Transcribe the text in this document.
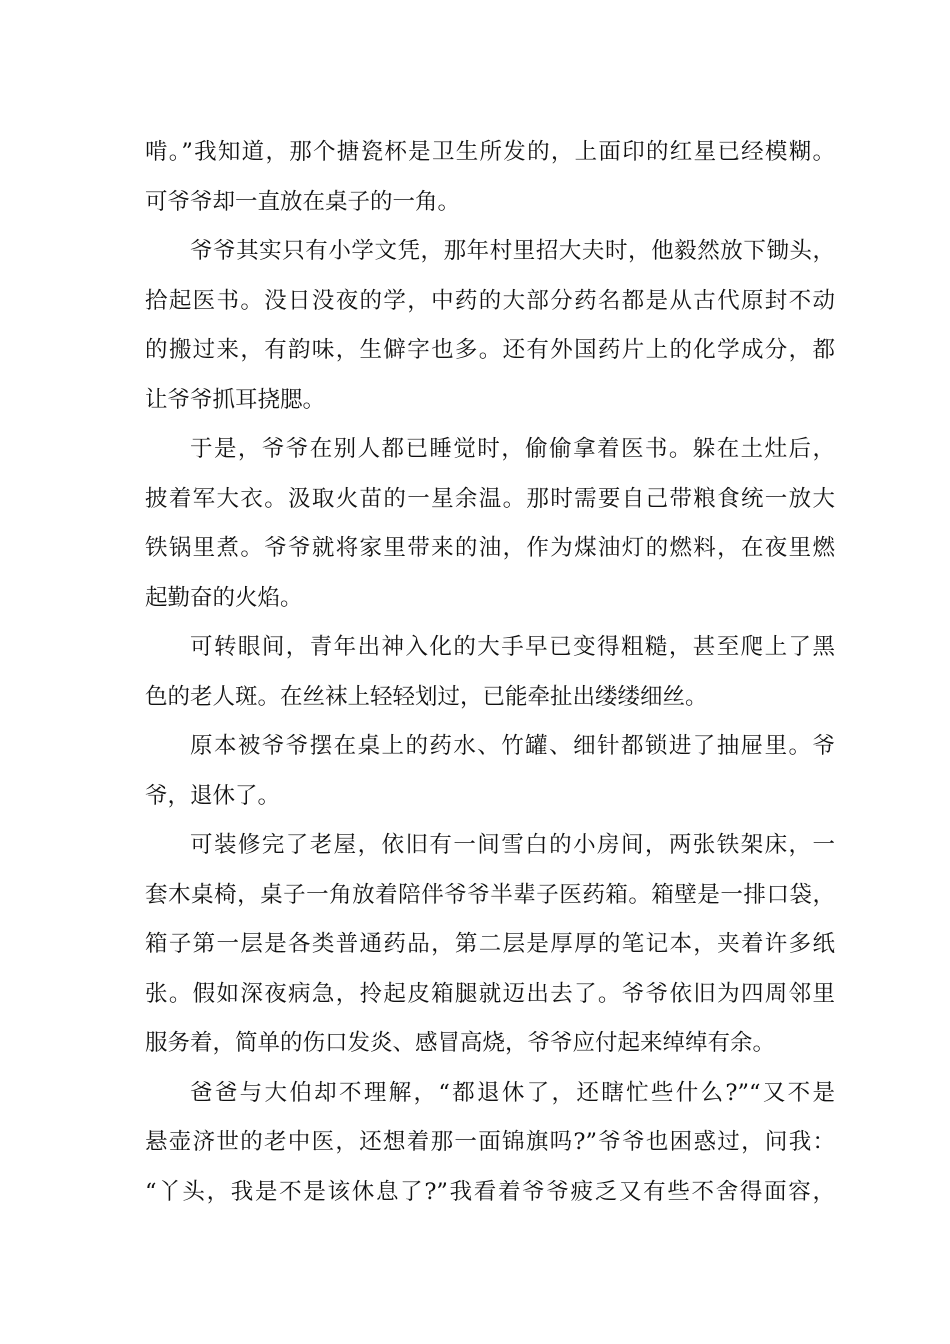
啃。”我知道，那个搪瓷杯是卫生所发的，上面印的红星已经模糊。
可爷爷却一直放在桌子的一角。
爷爷其实只有小学文凭，那年村里招大夫时，他毅然放下锄头，
拾起医书。没日没夜的学，中药的大部分药名都是从古代原封不动
的搬过来，有韵味，生僻字也多。还有外国药片上的化学成分，都
让爷爷抓耳挠腮。
于是，爷爷在别人都已睡觉时，偷偷拿着医书。躲在土灶后，
披着军大衣。汲取火苗的一星余温。那时需要自己带粮食统一放大
铁锅里煮。爷爷就将家里带来的油，作为煤油灯的燃料，在夜里燃
起勤奋的火焰。
可转眼间，青年出神入化的大手早已变得粗糙，甚至爬上了黑
色的老人斑。在丝袜上轻轻划过，已能牵扯出缕缕细丝。
原本被爷爷摆在桌上的药水、竹罐、细针都锁进了抽屉里。爷
爷，退休了。
可装修完了老屋，依旧有一间雪白的小房间，两张铁架床，一
套木桌椅，桌子一角放着陪伴爷爷半辈子医药箱。箱壁是一排口袋，
箱子第一层是各类普通药品，第二层是厚厚的笔记本，夹着许多纸
张。假如深夜病急，拎起皮箱腿就迈出去了。爷爷依旧为四周邻里
服务着，简单的伤口发炎、感冒高烧，爷爷应付起来绰绰有余。
爸爸与大伯却不理解，“都退休了，还瞎忙些什么?”“又不是
悬壶济世的老中医，还想着那一面锦旗吗?”爷爷也困惑过，问我：
“丫头，我是不是该休息了?”我看着爷爷疲乏又有些不舍得面容，
